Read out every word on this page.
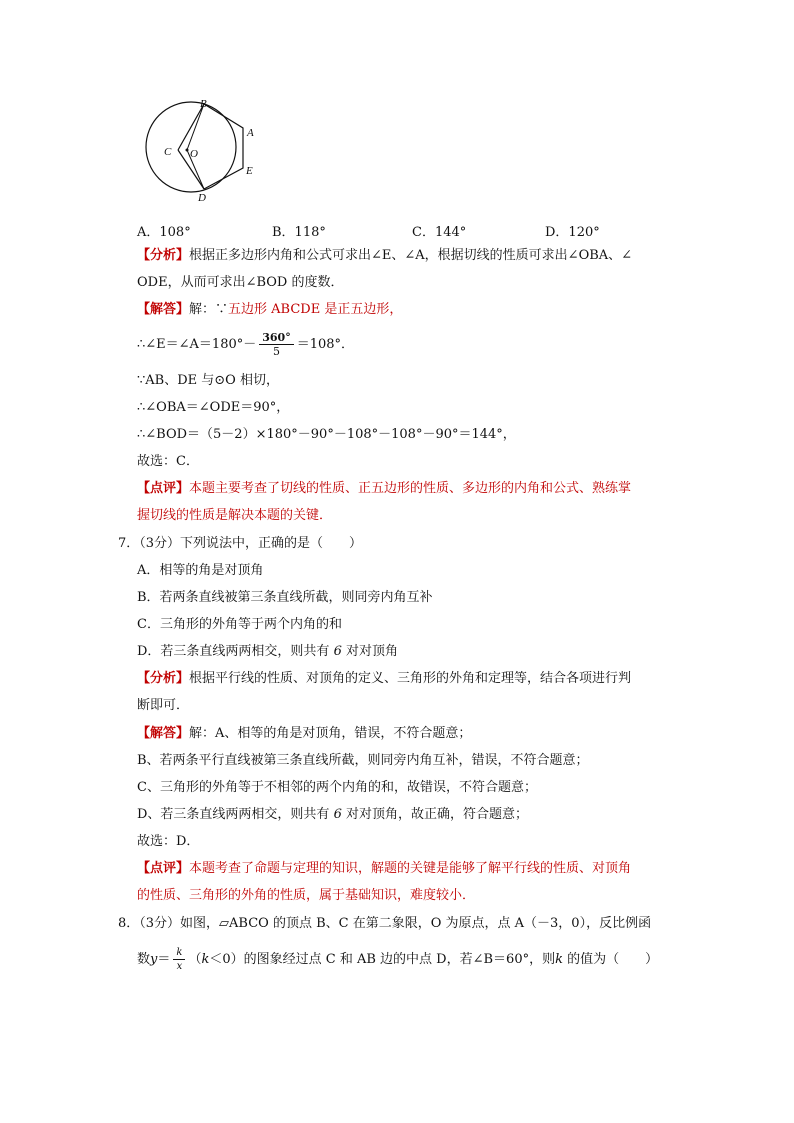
B
A
E
D
C O
A．108°	B．118°	C．144°	D．120°
【分析】根据正多边形内角和公式可求出∠E、∠A，根据切线的性质可求出∠OBA、∠
ODE，从而可求出∠BOD 的度数．
【解答】解：∵五边形 ABCDE 是正五边形，
∴∠E＝∠A＝180°－ $\frac{360^\circ}{5} =108^\circ$．
∵AB、DE 与⊙O 相切，
∴∠OBA＝∠ODE＝90°，
∴∠BOD＝（5－2）×180°－90°－108°－108°－90°＝144°，
故选：C．
【点评】本题主要考查了切线的性质、正五边形的性质、多边形的内角和公式、熟练掌
握切线的性质是解决本题的关键．
7．（3分）下列说法中，正确的是（　　）
A．相等的角是对顶角
B．若两条直线被第三条直线所截，则同旁内角互补
C．三角形的外角等于两个内角的和
D．若三条直线两两相交，则共有 6 对对顶角
【分析】根据平行线的性质、对顶角的定义、三角形的外角和定理等，结合各项进行判
断即可．
【解答】解：A、相等的角是对顶角，错误，不符合题意；
B、若两条平行直线被第三条直线所截，则同旁内角互补，错误，不符合题意；
C、三角形的外角等于不相邻的两个内角的和，故错误，不符合题意；
D、若三条直线两两相交，则共有 6 对对顶角，故正确，符合题意；
故选：D．
【点评】本题考查了命题与定理的知识，解题的关键是能够了解平行线的性质、对顶角
的性质、三角形的外角的性质，属于基础知识，难度较小．
8．（3分）如图，▱ABCO 的顶点 B、C 在第二象限，O 为原点，点 A（－3，0），反比例函
数$y= \frac{k}{x} (k<0)$的图象经过点 C 和 AB 边的中点 D，若∠B＝60°，则k 的值为（　　）
